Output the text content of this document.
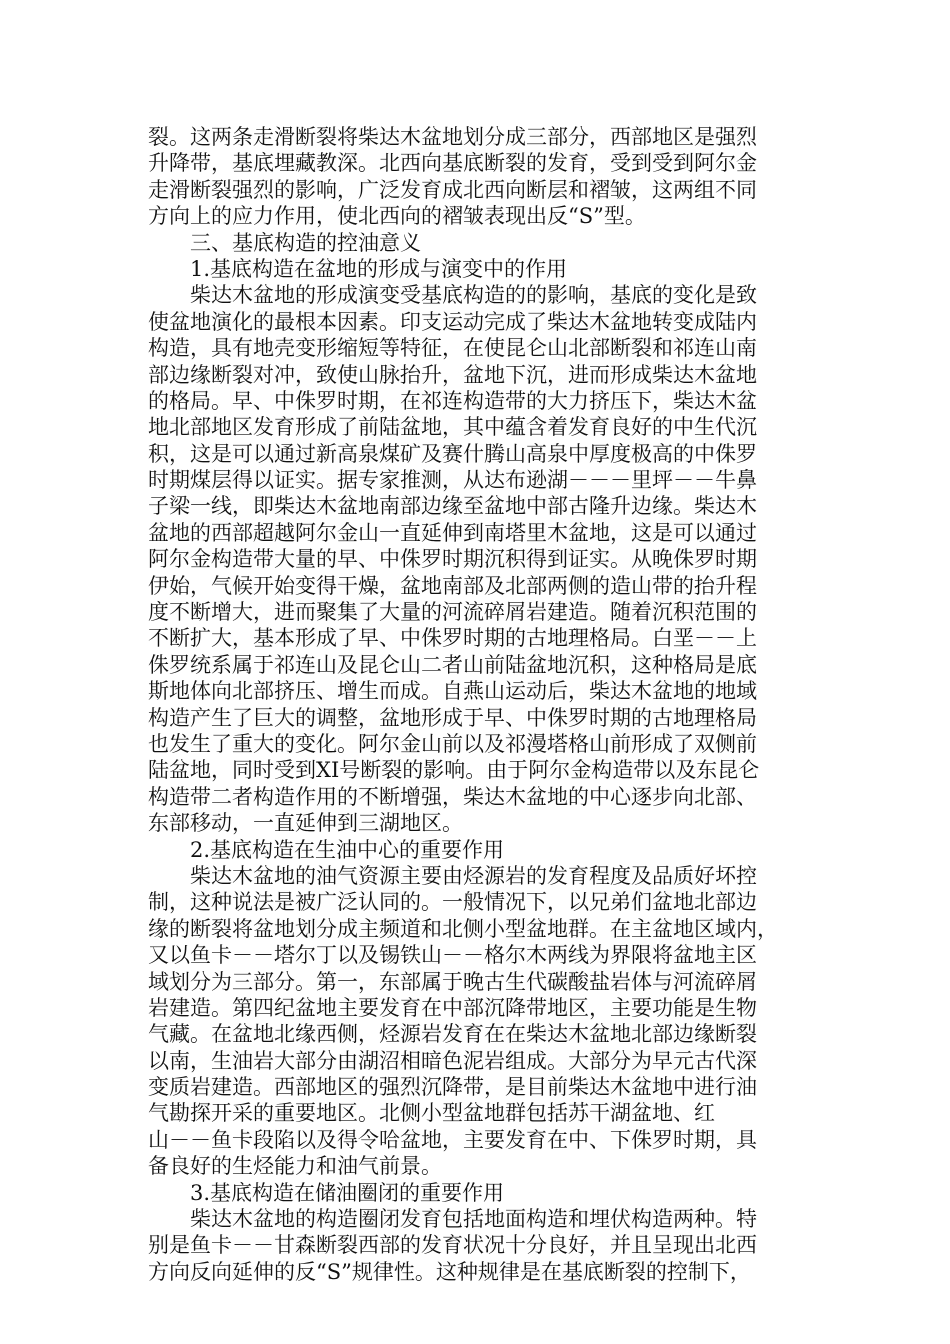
裂。这两条走滑断裂将柴达木盆地划分成三部分，西部地区是强烈
升降带，基底埋藏教深。北西向基底断裂的发育，受到受到阿尔金
走滑断裂强烈的影响，广泛发育成北西向断层和褶皱，这两组不同
方向上的应力作用，使北西向的褶皱表现出反“S”型。
三、基底构造的控油意义
1.基底构造在盆地的形成与演变中的作用
柴达木盆地的形成演变受基底构造的的影响，基底的变化是致
使盆地演化的最根本因素。印支运动完成了柴达木盆地转变成陆内
构造，具有地壳变形缩短等特征，在使昆仑山北部断裂和祁连山南
部边缘断裂对冲，致使山脉抬升，盆地下沉，进而形成柴达木盆地
的格局。早、中侏罗时期，在祁连构造带的大力挤压下，柴达木盆
地北部地区发育形成了前陆盆地，其中蕴含着发育良好的中生代沉
积，这是可以通过新高泉煤矿及赛什腾山高泉中厚度极高的中侏罗
时期煤层得以证实。据专家推测，从达布逊湖－－－里坪－－牛鼻
子梁一线，即柴达木盆地南部边缘至盆地中部古隆升边缘。柴达木
盆地的西部超越阿尔金山一直延伸到南塔里木盆地，这是可以通过
阿尔金构造带大量的早、中侏罗时期沉积得到证实。从晚侏罗时期
伊始，气候开始变得干燥，盆地南部及北部两侧的造山带的抬升程
度不断增大，进而聚集了大量的河流碎屑岩建造。随着沉积范围的
不断扩大，基本形成了早、中侏罗时期的古地理格局。白垩－－上
侏罗统系属于祁连山及昆仑山二者山前陆盆地沉积，这种格局是底
斯地体向北部挤压、增生而成。自燕山运动后，柴达木盆地的地域
构造产生了巨大的调整，盆地形成于早、中侏罗时期的古地理格局
也发生了重大的变化。阿尔金山前以及祁漫塔格山前形成了双侧前
陆盆地，同时受到XI号断裂的影响。由于阿尔金构造带以及东昆仑
构造带二者构造作用的不断增强，柴达木盆地的中心逐步向北部、
东部移动，一直延伸到三湖地区。
2.基底构造在生油中心的重要作用
柴达木盆地的油气资源主要由烃源岩的发育程度及品质好坏控
制，这种说法是被广泛认同的。一般情况下，以兄弟们盆地北部边
缘的断裂将盆地划分成主频道和北侧小型盆地群。在主盆地区域内，
又以鱼卡－－塔尔丁以及锡铁山－－格尔木两线为界限将盆地主区
域划分为三部分。第一，东部属于晚古生代碳酸盐岩体与河流碎屑
岩建造。第四纪盆地主要发育在中部沉降带地区，主要功能是生物
气藏。在盆地北缘西侧，烃源岩发育在在柴达木盆地北部边缘断裂
以南，生油岩大部分由湖沼相暗色泥岩组成。大部分为早元古代深
变质岩建造。西部地区的强烈沉降带，是目前柴达木盆地中进行油
气勘探开采的重要地区。北侧小型盆地群包括苏干湖盆地、红
山－－鱼卡段陷以及得令哈盆地，主要发育在中、下侏罗时期，具
备良好的生烃能力和油气前景。
3.基底构造在储油圈闭的重要作用
柴达木盆地的构造圈闭发育包括地面构造和埋伏构造两种。特
别是鱼卡－－甘森断裂西部的发育状况十分良好，并且呈现出北西
方向反向延伸的反“S”规律性。这种规律是在基底断裂的控制下，
